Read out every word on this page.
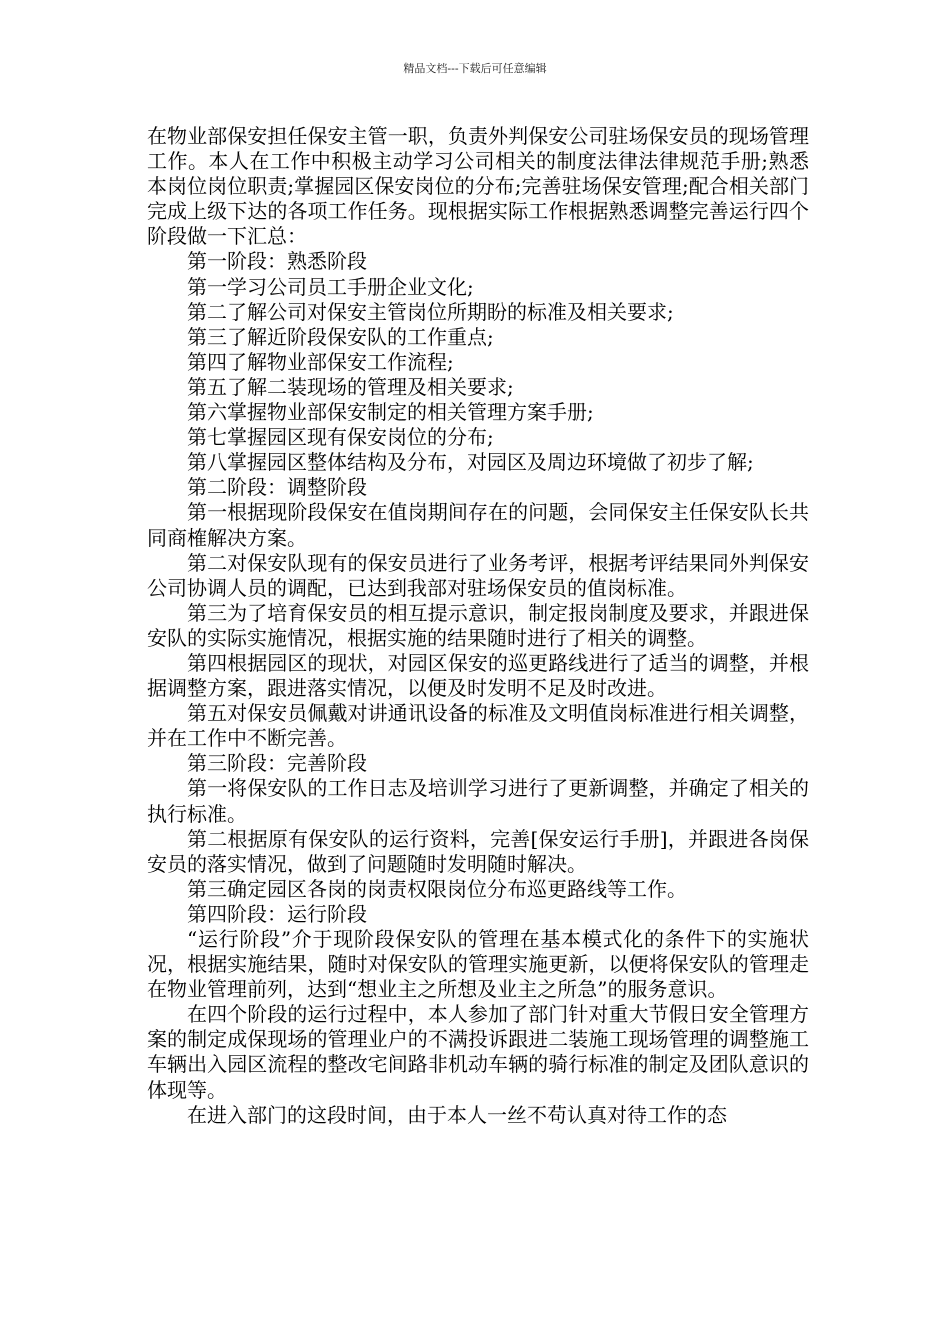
精品文档---下载后可任意编辑

在物业部保安担任保安主管一职，负责外判保安公司驻场保安员的现场管理工作。本人在工作中积极主动学习公司相关的制度法律法律规范手册;熟悉本岗位岗位职责;掌握园区保安岗位的分布;完善驻场保安管理;配合相关部门完成上级下达的各项工作任务。现根据实际工作根据熟悉调整完善运行四个阶段做一下汇总：

第一阶段：熟悉阶段

第一学习公司员工手册企业文化;

第二了解公司对保安主管岗位所期盼的标准及相关要求;

第三了解近阶段保安队的工作重点;

第四了解物业部保安工作流程;

第五了解二装现场的管理及相关要求;

第六掌握物业部保安制定的相关管理方案手册;

第七掌握园区现有保安岗位的分布;

第八掌握园区整体结构及分布，对园区及周边环境做了初步了解;

第二阶段：调整阶段

第一根据现阶段保安在值岗期间存在的问题，会同保安主任保安队长共同商榷解决方案。

第二对保安队现有的保安员进行了业务考评，根据考评结果同外判保安公司协调人员的调配，已达到我部对驻场保安员的值岗标准。

第三为了培育保安员的相互提示意识，制定报岗制度及要求，并跟进保安队的实际实施情况，根据实施的结果随时进行了相关的调整。

第四根据园区的现状，对园区保安的巡更路线进行了适当的调整，并根据调整方案，跟进落实情况，以便及时发明不足及时改进。

第五对保安员佩戴对讲通讯设备的标准及文明值岗标准进行相关调整，并在工作中不断完善。

第三阶段：完善阶段

第一将保安队的工作日志及培训学习进行了更新调整，并确定了相关的执行标准。

第二根据原有保安队的运行资料，完善[保安运行手册]，并跟进各岗保安员的落实情况，做到了问题随时发明随时解决。

第三确定园区各岗的岗责权限岗位分布巡更路线等工作。

第四阶段：运行阶段

“运行阶段”介于现阶段保安队的管理在基本模式化的条件下的实施状况，根据实施结果，随时对保安队的管理实施更新，以便将保安队的管理走在物业管理前列，达到“想业主之所想及业主之所急”的服务意识。

在四个阶段的运行过程中，本人参加了部门针对重大节假日安全管理方案的制定成保现场的管理业户的不满投诉跟进二装施工现场管理的调整施工车辆出入园区流程的整改宅间路非机动车辆的骑行标准的制定及团队意识的体现等。

在进入部门的这段时间，由于本人一丝不苟认真对待工作的态
